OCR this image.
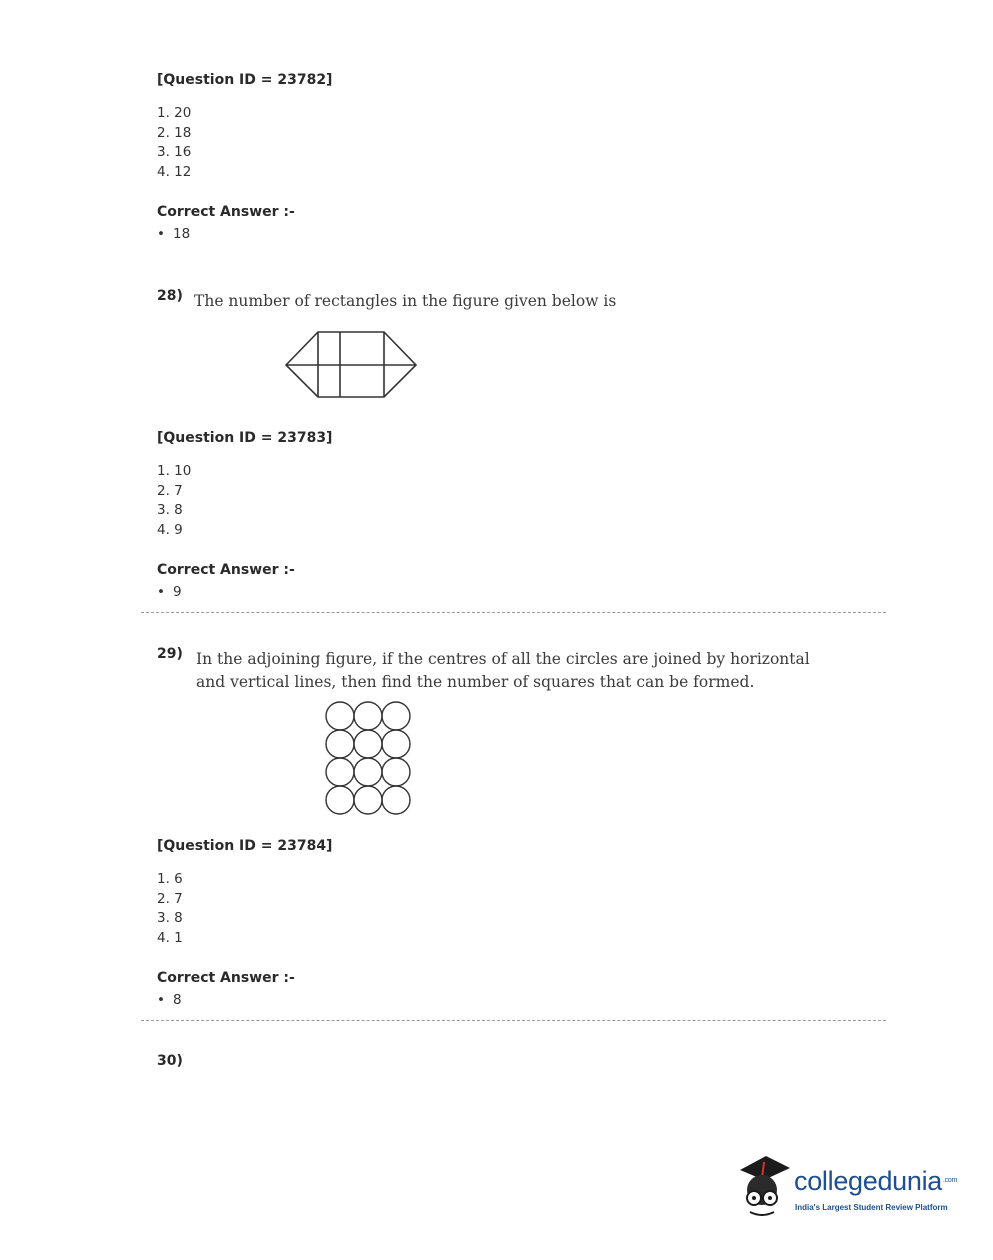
[Question ID = 23782]
1. 20
2. 18
3. 16
4. 12
Correct Answer :-
• 18
28) The number of rectangles in the figure given below is
[Question ID = 23783]
1. 10
2. 7
3. 8
4. 9
Correct Answer :-
• 9
29) In the adjoining figure, if the centres of all the circles are joined by horizontal
and vertical lines, then find the number of squares that can be formed.
[Question ID = 23784]
1. 6
2. 7
3. 8
4. 1
Correct Answer :-
• 8
30)
collegedunia$^{.com}$
India's Largest Student Review Platform
